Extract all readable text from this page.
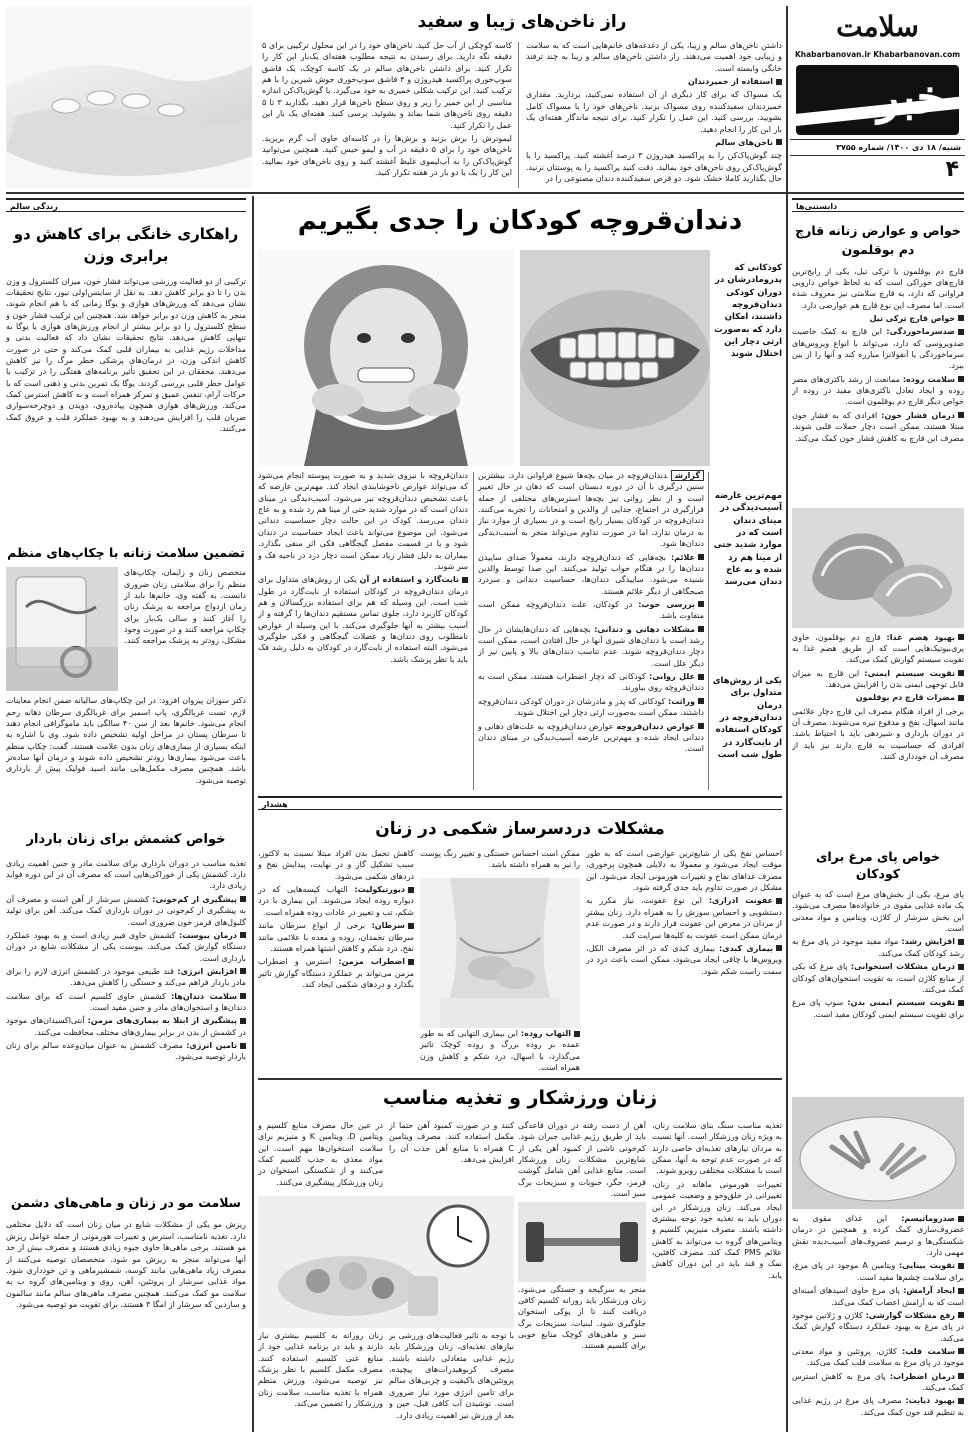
سلامت
Khabarbanovan.ir Khabarbanovan.com
خبر
شنبه/ ۱۸ دی ۱۴۰۰/ شماره ۳۷۵۵
۴
راز ناخن‌های زیبا و سفید

داشتن ناخن‌های سالم و زیبا، یکی از دغدغه‌های خانم‌هایی است که به سلامت و زیبایی خود اهمیت می‌دهند. راز داشتن ناخن‌های سالم و زیبا به چند ترفند خانگی وابسته است.

استفاده از خمیردندان

یک مسواک که برای کار دیگری از آن استفاده نمی‌کنید، بردارید. مقداری خمیردندان سفیدکننده روی مسواک بزنید. ناخن‌های خود را با مسواک کامل بشویید. بررسی کنید. این عمل را تکرار کنید. برای نتیجه ماندگار هفته‌ای یک بار این کار را انجام دهید.

ناخن‌های سالم

چند گوش‌پاک‌کن را به پراکسید هیدروژن ۳ درصد آغشته کنید. پراکسید را با گوش‌پاک‌کن روی ناخن‌های خود بمالید. دقت کنید پراکسید را به پوستتان نزنید. حال بگذارید کاملا خشک شود. دو قرص سفیدکننده دندان مصنوعی را در

کاسه کوچکی از آب حل کنید. ناخن‌های خود را در این محلول ترکیبی برای ۵ دقیقه نگه دارید. برای رسیدن به نتیجه مطلوب هفته‌ای یک‌بار این کار را تکرار کنید. برای داشتن ناخن‌های سالم در یک کاسه کوچک، یک قاشق سوپ‌خوری پراکسید هیدروژن و ۴ قاشق سوپ‌خوری جوش شیرین را با هم ترکیب کنید. این ترکیب شکلی خمیری به خود می‌گیرد. با گوش‌پاک‌کن اندازه مناسبی از این خمیر را زیر و روی سطح ناخن‌ها قرار دهید. بگذارید ۳ تا ۵ دقیقه روی ناخن‌های شما بماند و بشوئید. برسی کنید. هفته‌ای یک بار این عمل را تکرار کنید.

لیموترش را برش بزنید و برش‌ها را در کاسه‌ای حاوی آب گرم بریزید. ناخن‌های خود را برای ۵ دقیقه در آب و لیمو خیس کنید. همچنین می‌توانید گوش‌پاک‌کن را به آب‌لیموی غلیظ آغشته کنید و روی ناخن‌های خود بمالید. این کار را یک یا دو بار در هفته تکرار کنید.

زندگی سالم
راهکاری خانگی برای کاهش دو برابری وزن
ترکیبی از دو فعالیت ورزشی می‌تواند فشار خون، میزان کلسترول و وزن بدن را تا دو برابر کاهش دهد. به نقل از ساینس‌اولی نیوز، نتایج تحقیقات نشان می‌دهد که ورزش‌های هوازی و یوگا زمانی که با هم انجام شوند، منجر به کاهش وزن دو برابر خواهد شد. همچنین این ترکیب فشار خون و سطح کلسترول را دو برابر بیشتر از انجام ورزش‌های هوازی یا یوگا به تنهایی کاهش می‌دهد. نتایج تحقیقات نشان داد که فعالیت بدنی و مداخلات رژیم غذایی به بیماران قلبی کمک می‌کند و حتی در صورت کاهش اندکی وزن، در درمان‌های پزشکی خطر مرگ را نیز کاهش می‌دهند. محققان در این تحقیق تأثیر برنامه‌های هفتگی را در ترکیب با عوامل خطر قلبی بررسی کردند. یوگا یک تمرین بدنی و ذهنی است که با حرکات آرام، تنفس عمیق و تمرکز همراه است و به کاهش استرس کمک می‌کند. ورزش‌های هوازی همچون پیاده‌روی، دویدن و دوچرخه‌سواری ضربان قلب را افزایش می‌دهند و به بهبود عملکرد قلب و عروق کمک می‌کنند.
تضمین سلامت زنانه با چکاپ‌های منظم
متخصص زنان و زایمان، چکاپ‌های منظم را برای سلامتی زنان ضروری دانست. به گفته وی، خانم‌ها باید از زمان ازدواج مراجعه به پزشک زنان را آغاز کنند و سالی یک‌بار برای چکاپ مراجعه کنند و در صورت وجود مشکل، زودتر به پزشک مراجعه کنند.
دکتر سوزان پیروان افزود: در این چکاپ‌های سالیانه ضمن انجام معاینات لازم، تست غربالگری، پاپ اسمیر برای غربالگری سرطان دهانه رحم انجام می‌شود. خانم‌ها بعد از سن ۴۰ سالگی باید ماموگرافی انجام دهند تا سرطان پستان در مراحل اولیه تشخیص داده شود. وی با اشاره به اینکه بسیاری از بیماری‌های زنان بدون علامت هستند، گفت: چکاپ منظم باعث می‌شود بیماری‌ها زودتر تشخیص داده شوند و درمان آنها ساده‌تر باشد. همچنین مصرف مکمل‌هایی مانند اسید فولیک پیش از بارداری توصیه می‌شود.
خواص کشمش برای زنان باردار

تغذیه مناسب در دوران بارداری برای سلامت مادر و جنین اهمیت زیادی دارد. کشمش یکی از خوراکی‌هایی است که مصرف آن در این دوره فواید زیادی دارد.

پیشگیری از کم‌خونی: کشمش سرشار از آهن است و مصرف آن به پیشگیری از کم‌خونی در دوران بارداری کمک می‌کند. آهن برای تولید گلبول‌های قرمز خون ضروری است.

درمان یبوست: کشمش حاوی فیبر زیادی است و به بهبود عملکرد دستگاه گوارش کمک می‌کند. یبوست یکی از مشکلات شایع در دوران بارداری است.

افزایش انرژی: قند طبیعی موجود در کشمش انرژی لازم را برای مادر باردار فراهم می‌کند و خستگی را کاهش می‌دهد.

سلامت دندان‌ها: کشمش حاوی کلسیم است که برای سلامت دندان‌ها و استخوان‌های مادر و جنین مفید است.

پیشگیری از ابتلا به بیماری‌های مزمن: آنتی‌اکسیدان‌های موجود در کشمش از بدن در برابر بیماری‌های مختلف محافظت می‌کنند.

تامین انرژی: مصرف کشمش به عنوان میان‌وعده سالم برای زنان باردار توصیه می‌شود.

سلامت مو در زنان و ماهی‌های دشمن
ریزش مو یکی از مشکلات شایع در میان زنان است که دلایل مختلفی دارد. تغذیه نامناسب، استرس و تغییرات هورمونی از جمله عوامل ریزش مو هستند. برخی ماهی‌ها حاوی جیوه زیادی هستند و مصرف بیش از حد آنها می‌تواند منجر به ریزش مو شود. متخصصان توصیه می‌کنند از مصرف زیاد ماهی‌هایی مانند کوسه، شمشیرماهی و تن خودداری شود. مواد غذایی سرشار از پروتئین، آهن، روی و ویتامین‌های گروه ب به سلامت مو کمک می‌کنند. همچنین مصرف ماهی‌های سالم مانند سالمون و ساردین که سرشار از امگا ۳ هستند، برای تقویت مو توصیه می‌شود.
دندان‌قروچه کودکان را جدی بگیریم
کودکانی که پدرومادرشان در دوران کودکی دندان‌قروچه داشتند، امکان دارد که به‌صورت ارثی دچار این اختلال شوند

دندان‌قروچه با نیروی شدید و به صورت پیوسته انجام می‌شود که می‌تواند عوارض ناخوشایندی ایجاد کند. مهم‌ترین عارضه که باعث تشخیص دندان‌قروچه نیز می‌شود، آسیب‌دیدگی در مینای دندان است که در موارد شدید حتی از مینا هم رد شده و به عاج دندان می‌رسد. کودک در این حالت دچار حساسیت دندانی می‌شود. این موضوع می‌تواند باعث ایجاد حساسیت در دندان شود و یا در قسمت مفصل گیجگاهی فکی اثر منفی بگذارد. بیماران به دلیل فشار زیاد ممکن است دچار درد در ناحیه فک و سر شوند.

نایت‌گارد و استفاده از آن یکی از روش‌های متداول برای درمان دندان‌قروچه در کودکان استفاده از نایت‌گارد در طول شب است. این وسیله که هم برای استفاده بزرگسالان و هم کودکان کاربرد دارد، جلوی تماس مستقیم دندان‌ها را گرفته و از آسیب بیشتر به آنها جلوگیری می‌کند. با این وسیله از عوارض نامطلوب روی دندان‌ها و عضلات گیجگاهی و فکی جلوگیری می‌شود. البته استفاده از نایت‌گارد در کودکان به دلیل رشد فک باید با نظر پزشک باشد.

گزارشدندان‌قروچه در میان بچه‌ها شیوع فراوانی دارد. بیشترین سنین درگیری با آن در دوره دبستان است که دهان در حال تغییر است و از نظر روانی نیز بچه‌ها استرس‌های مختلفی از جمله قرارگیری در اجتماع، جدایی از والدین و امتحانات را تجربه می‌کنند. دندان‌قروچه در کودکان بسیار رایج است و در بسیاری از موارد نیاز به درمان ندارد، اما در صورت تداوم می‌تواند منجر به آسیب‌دیدگی دندان‌ها شود.

علائم: بچه‌هایی که دندان‌قروچه دارند، معمولاً صدای ساییدن دندان‌ها را در هنگام خواب تولید می‌کنند. این صدا توسط والدین شنیده می‌شود. ساییدگی دندان‌ها، حساسیت دندانی و سردرد صبحگاهی از دیگر علائم هستند.

بررسی خوب: در کودکان، علت دندان‌قروچه ممکن است متفاوت باشد.

مشکلات دهانی و دندانی: بچه‌هایی که دندان‌هایشان در حال رشد است یا دندان‌های شیری آنها در حال افتادن است، ممکن است دچار دندان‌قروچه شوند. عدم تناسب دندان‌های بالا و پایین نیز از دیگر علل است.

علل روانی: کودکانی که دچار اضطراب هستند، ممکن است به دندان‌قروچه روی بیاورند.

وراثت: کودکانی که پدر و مادرشان در دوران کودکی دندان‌قروچه داشتند، ممکن است به‌صورت ارثی دچار این اختلال شوند.

عوارض دندان‌قروچه عوارض دندان‌قروچه به علت‌های دهانی و دندانی ایجاد شده و مهم‌ترین عارضه آسیب‌دیدگی در مینای دندان است.

مهم‌ترین عارضه آسیب‌دیدگی در مینای دندان است که در موارد شدید حتی از مینا هم رد شده و به عاج دندان می‌رسد
یکی از روش‌های متداول برای درمان دندان‌قروچه در کودکان استفاده از نایت‌گارد در طول شب است
هشدار
مشکلات دردسرساز شکمی در زنان

احساس نفخ یکی از شایع‌ترین عوارضی است که به طور موقت ایجاد می‌شود و معمولا به دلایلی همچون پرخوری، مصرف غذاهای نفاخ و تغییرات هورمونی ایجاد می‌شود. این مشکل در صورت تداوم باید جدی گرفته شود.

عفونت ادراری: این نوع عفونت، نیاز مکرر به دستشویی و احساس سوزش را به همراه دارد. زنان بیشتر از مردان در معرض این عفونت قرار دارند و در صورت عدم درمان ممکن است عفونت به کلیه‌ها سرایت کند.

بیماری کبدی: بیماری کبدی که در اثر مصرف الکل، ویروس‌ها یا چاقی ایجاد می‌شود، ممکن است باعث درد در سمت راست شکم شود.

ممکن است احساس خستگی و تغییر رنگ پوست را نیز به همراه داشته باشد.
التهاب روده: این بیماری التهابی که به طور عمده بر روده بزرگ و روده کوچک تاثیر می‌گذارد، با اسهال، درد شکم و کاهش وزن همراه است.

کاهش تحمل بدن افراد مبتلا نسبت به لاکتوز، سبب تشکیل گاز و در نهایت، پیدایش نفخ و دردهای شکمی می‌شود.

دیورتیکولیت: التهاب کیسه‌هایی که در دیواره روده ایجاد می‌شوند. این بیماری با درد شکم، تب و تغییر در عادات روده همراه است.

سرطان: برخی از انواع سرطان مانند سرطان تخمدان، روده و معده با علائمی مانند نفخ، درد شکم و کاهش اشتها همراه هستند.

اضطراب مزمن: استرس و اضطراب مزمن می‌تواند بر عملکرد دستگاه گوارش تاثیر بگذارد و دردهای شکمی ایجاد کند.

زنان ورزشکار و تغذیه مناسب

تغذیه مناسب سنگ بنای سلامت زنان، به ویژه زنان ورزشکار است. آنها نسبت به مردان نیازهای تغذیه‌ای خاصی دارند که در صورت عدم توجه به آنها، ممکن است با مشکلات مختلفی روبرو شوند.

تغییرات هورمونی ماهانه در زنان، تغییراتی در خلق‌وخو و وضعیت عمومی ایجاد می‌کند. زنان ورزشکار در این دوران باید به تغذیه خود توجه بیشتری داشته باشند. مصرف منیزیم، کلسیم و ویتامین‌های گروه ب می‌تواند به کاهش علائم PMS کمک کند. مصرف کافئین، نمک و قند باید در این دوران کاهش یابد.

آهن از دست رفته در دوران قاعدگی باید از طریق رژیم غذایی جبران شود. کم‌خونی ناشی از کمبود آهن یکی از شایع‌ترین مشکلات زنان ورزشکار است. منابع غذایی آهن شامل گوشت قرمز، جگر، حبوبات و سبزیجات برگ سبز است.

منجر به سرگیجه و خستگی می‌شود. زنان ورزشکار باید روزانه کلسیم کافی دریافت کنند تا از پوکی استخوان جلوگیری شود. لبنیات، سبزیجات برگ سبز و ماهی‌های کوچک منابع خوبی برای کلسیم هستند.

کنند و در صورت کمبود آهن حتما از مکمل استفاده کنند. مصرف ویتامین C همراه با منابع آهن جذب آن را افزایش می‌دهد.
در عین حال مصرف منابع کلسیم و ویتامین D، ویتامین K و منیزیم برای سلامت استخوان‌ها مهم است. این مواد مغذی به جذب کلسیم کمک می‌کنند و از شکستگی استخوان در زنان ورزشکار پیشگیری می‌کنند.
با توجه به تاثیر فعالیت‌های ورزشی بر نیازهای تغذیه‌ای، زنان ورزشکار باید رژیم غذایی متعادلی داشته باشند. مصرف کربوهیدرات‌های پیچیده، پروتئین‌های باکیفیت و چربی‌های سالم برای تامین انرژی مورد نیاز ضروری است. نوشیدن آب کافی قبل، حین و بعد از ورزش نیز اهمیت زیادی دارد.
زنان روزانه به کلسیم بیشتری نیاز دارند و باید در برنامه غذایی خود از منابع غنی کلسیم استفاده کنند. مصرف مکمل کلسیم با نظر پزشک نیز توصیه می‌شود. ورزش منظم همراه با تغذیه مناسب، سلامت زنان ورزشکار را تضمین می‌کند.
دانستنی‌ها
خواص و عوارض زنانه قارچ دم بوقلمون

قارچ دم بوقلمون یا ترکی تیل، یکی از رایج‌ترین قارچ‌های خوراکی است که به لحاظ خواص دارویی فراوانی که دارد، به قارچ سلامتی نیز معروف شده است. اما مصرف این نوع قارچ هم عوارضی دارد.

خواص قارچ ترکی تیل

ضدسرماخوردگی: این قارچ به کمک خاصیت ضدویروسی که دارد، می‌تواند با انواع ویروس‌های سرماخوردگی یا آنفولانزا مبارزه کند و آنها را از بین ببرد.

سلامت روده: ممانعت از رشد باکتری‌های مضر روده و ایجاد تعادل باکتری‌های مفید در روده از خواص دیگر قارچ دم بوقلمون است.

درمان فشار خون: افرادی که به فشار خون مبتلا هستند، ممکن است دچار حملات قلبی شوند. مصرف این قارچ به کاهش فشار خون کمک می‌کند.

بهبود هضم غذا: قارچ دم بوقلمون، حاوی پری‌بیوتیک‌هایی است که از طریق هضم غذا به تقویت سیستم گوارش کمک می‌کند.

تقویت سیستم ایمنی: این قارچ به میزان قابل توجهی ایمنی بدن را افزایش می‌دهد.

مضرات قارچ دم بوقلمون

برخی از افراد هنگام مصرف این قارچ دچار علائمی مانند اسهال، نفخ و مدفوع تیره می‌شوند. مصرف آن در دوران بارداری و شیردهی باید با احتیاط باشد. افرادی که حساسیت به قارچ دارند نیز باید از مصرف آن خودداری کنند.

خواص پای مرغ برای کودکان

پای مرغ، یکی از بخش‌های مرغ است که به عنوان یک ماده غذایی مقوی در خانواده‌ها مصرف می‌شود. این بخش سرشار از کلاژن، ویتامین و مواد معدنی است.

افزایش رشد: مواد مفید موجود در پای مرغ به رشد کودکان کمک می‌کند.

درمان مشکلات استخوانی: پای مرغ که یکی از منابع کلاژن است، به تقویت استخوان‌های کودکان کمک می‌کند.

تقویت سیستم ایمنی بدن: سوپ پای مرغ برای تقویت سیستم ایمنی کودکان مفید است.

ضدروماتیسم: این غذای مقوی به غضروف‌سازی کمک کرده و همچنین در درمان شکستگی‌ها و ترمیم غضروف‌های آسیب‌دیده نقش مهمی دارد.

تقویت بینایی: ویتامین A موجود در پای مرغ، برای سلامت چشم‌ها مفید است.

ایجاد آرامش: پای مرغ حاوی اسیدهای آمینه‌ای است که به آرامش اعصاب کمک می‌کند.

رفع مشکلات گوارشی: کلاژن و ژلاتین موجود در پای مرغ به بهبود عملکرد دستگاه گوارش کمک می‌کند.

سلامت قلب: کلاژن، پروتئین و مواد معدنی موجود در پای مرغ به سلامت قلب کمک می‌کند.

درمان اضطراب: پای مرغ به کاهش استرس کمک می‌کند.

بهبود دیابت: مصرف پای مرغ در رژیم غذایی به تنظیم قند خون کمک می‌کند.
